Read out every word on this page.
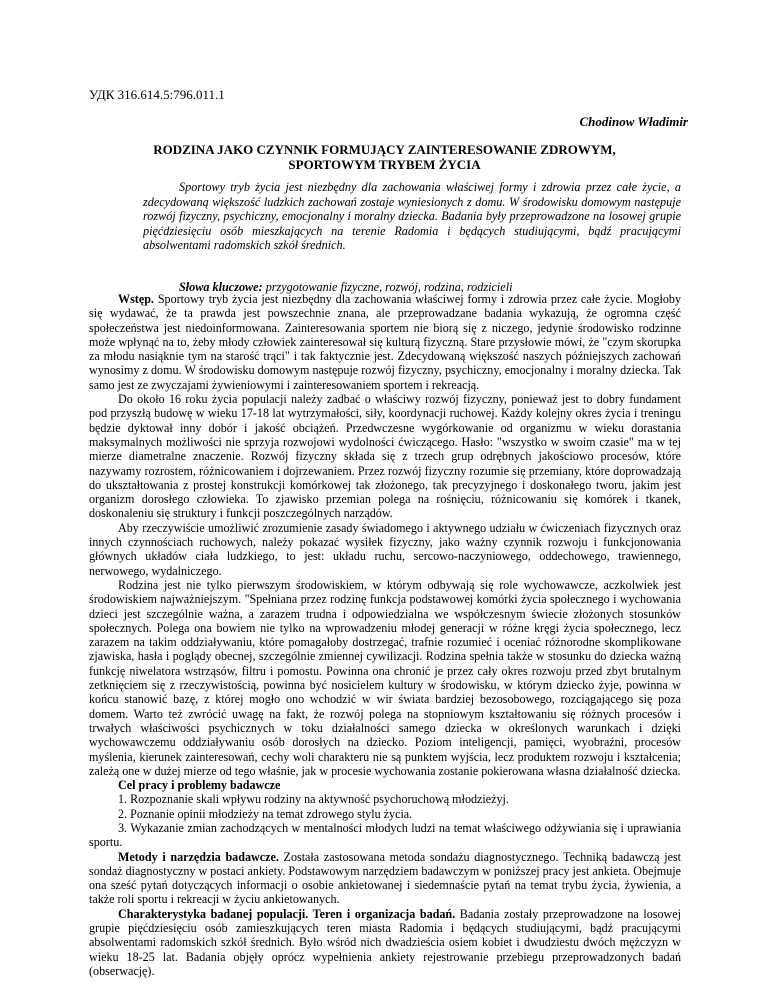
УДК 316.614.5:796.011.1
Chodinow Władimir
RODZINA JAKO CZYNNIK FORMUJĄCY ZAINTERESOWANIE ZDROWYM,
SPORTOWYM TRYBEM ŻYCIA

Sportowy tryb życia jest niezbędny dla zachowania właściwej formy i zdrowia przez całe życie, a zdecydowaną większość ludzkich zachowań zostaje wyniesionych z domu. W środowisku domowym następuje rozwój fizyczny, psychiczny, emocjonalny i moralny dziecka. Badania były przeprowadzone na losowej grupie pięćdziesięciu osób mieszkających na terenie Radomia i będących studiującymi, bądź pracującymi absolwentami radomskich szkół średnich.

Słowa kluczowe: przygotowanie fizyczne, rozwój, rodzina, rodzicieli

Wstęp. Sportowy tryb życia jest niezbędny dla zachowania właściwej formy i zdrowia przez całe życie. Mogłoby się wydawać, że ta prawda jest powszechnie znana, ale przeprowadzane badania wykazują, że ogromna część społeczeństwa jest niedoinformowana. Zainteresowania sportem nie biorą się z niczego, jedynie środowisko rodzinne może wpłynąć na to, żeby młody człowiek zainteresował się kulturą fizyczną. Stare przysłowie mówi, że "czym skorupka za młodu nasiąknie tym na starość trąci" i tak faktycznie jest. Zdecydowaną większość naszych późniejszych zachowań wynosimy z domu. W środowisku domowym następuje rozwój fizyczny, psychiczny, emocjonalny i moralny dziecka. Tak samo jest ze zwyczajami żywieniowymi i zainteresowaniem sportem i rekreacją.

Do około 16 roku życia populacji należy zadbać o właściwy rozwój fizyczny, ponieważ jest to dobry fundament pod przyszłą budowę w wieku 17-18 lat wytrzymałości, siły, koordynacji ruchowej. Każdy kolejny okres życia i treningu będzie dyktował inny dobór i jakość obciążeń. Przedwczesne wygórkowanie od organizmu w wieku dorastania maksymalnych możliwości nie sprzyja rozwojowi wydolności ćwiczącego. Hasło: "wszystko w swoim czasie" ma w tej mierze diametralne znaczenie. Rozwój fizyczny składa się z trzech grup odrębnych jakościowo procesów, które nazywamy rozrostem, różnicowaniem i dojrzewaniem. Przez rozwój fizyczny rozumie się przemiany, które doprowadzają do ukształtowania z prostej konstrukcji komórkowej tak złożonego, tak precyzyjnego i doskonałego tworu, jakim jest organizm dorosłego człowieka. To zjawisko przemian polega na rośnięciu, różnicowaniu się komórek i tkanek, doskonaleniu się struktury i funkcji poszczególnych narządów.

Aby rzeczywiście umożliwić zrozumienie zasady świadomego i aktywnego udziału w ćwiczeniach fizycznych oraz innych czynnościach ruchowych, należy pokazać wysiłek fizyczny, jako ważny czynnik rozwoju i funkcjonowania głównych układów ciała ludzkiego, to jest: układu ruchu, sercowo-naczyniowego, oddechowego, trawiennego, nerwowego, wydalniczego.

Rodzina jest nie tylko pierwszym środowiskiem, w którym odbywają się role wychowawcze, aczkolwiek jest środowiskiem najważniejszym. "Spełniana przez rodzinę funkcja podstawowej komórki życia społecznego i wychowania dzieci jest szczególnie ważna, a zarazem trudna i odpowiedzialna we współczesnym świecie złożonych stosunków społecznych. Polega ona bowiem nie tylko na wprowadzeniu młodej generacji w różne kręgi życia społecznego, lecz zarazem na takim oddziaływaniu, które pomagałoby dostrzegać, trafnie rozumieć i oceniać różnorodne skomplikowane zjawiska, hasła i poglądy obecnej, szczególnie zmiennej cywilizacji. Rodzina spełnia także w stosunku do dziecka ważną funkcję niwelatora wstrząsów, filtru i pomostu. Powinna ona chronić je przez cały okres rozwoju przed zbyt brutalnym zetknięciem się z rzeczywistością, powinna być nosicielem kultury w środowisku, w którym dziecko żyje, powinna w końcu stanowić bazę, z której mogło ono wchodzić w wir świata bardziej bezosobowego, rozciągającego się poza domem. Warto też zwrócić uwagę na fakt, że rozwój polega na stopniowym kształtowaniu się różnych procesów i trwałych właściwości psychicznych w toku działalności samego dziecka w określonych warunkach i dzięki wychowawczemu oddziaływaniu osób dorosłych na dziecko. Poziom inteligencji, pamięci, wyobraźni, procesów myślenia, kierunek zainteresowań, cechy woli charakteru nie są punktem wyjścia, lecz produktem rozwoju i kształcenia; zależą one w dużej mierze od tego właśnie, jak w procesie wychowania zostanie pokierowana własna działalność dziecka.

Cel pracy i problemy badawcze

1. Rozpoznanie skali wpływu rodziny na aktywność psychoruchową młodzieżyj.

2. Poznanie opinii młodzieży na temat zdrowego stylu życia.

3. Wykazanie zmian zachodzących w mentalności młodych ludzi na temat właściwego odżywiania się i uprawiania sportu.

Metody i narzędzia badawcze. Została zastosowana metoda sondażu diagnostycznego. Techniką badawczą jest sondaż diagnostyczny w postaci ankiety. Podstawowym narzędziem badawczym w poniższej pracy jest ankieta. Obejmuje ona sześć pytań dotyczących informacji o osobie ankietowanej i siedemnaście pytań na temat trybu życia, żywienia, a także roli sportu i rekreacji w życiu ankietowanych.

Charakterystyka badanej populacji. Teren i organizacja badań. Badania zostały przeprowadzone na losowej grupie pięćdziesięciu osób zamieszkujących teren miasta Radomia i będących studiującymi, bądź pracującymi absolwentami radomskich szkół średnich. Było wśród nich dwadzieścia osiem kobiet i dwudziestu dwóch mężczyzn w wieku 18-25 lat. Badania objęły oprócz wypełnienia ankiety rejestrowanie przebiegu przeprowadzonych badań (obserwację).
